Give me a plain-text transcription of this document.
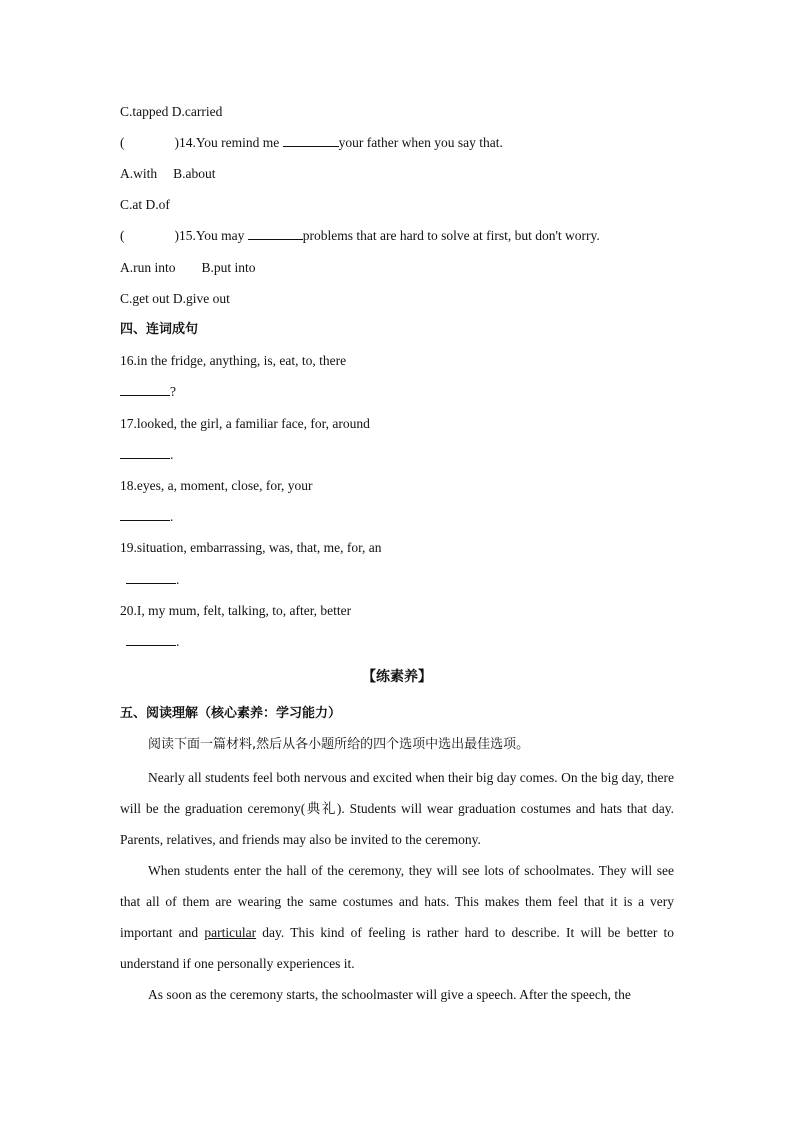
C.tapped D.carried
(	)14.You remind me	your father when you say that.
A.with B.about
C.at D.of
(	)15.You may	problems that are hard to solve at first, but don't worry.
A.run into B.put into
C.get out D.give out
四、连词成句
16.in the fridge, anything, is, eat, to, there
?
17.looked, the girl, a familiar face, for, around
.
18.eyes, a, moment, close, for, your
.
19.situation, embarrassing, was, that, me, for, an
.
20.I, my mum, felt, talking, to, after, better
.
【练素养】
五、阅读理解（核心素养：学习能力）
阅读下面一篇材料,然后从各小题所给的四个选项中选出最佳选项。

Nearly all students feel both nervous and excited when their big day comes. On the big day, there will be the graduation ceremony(典礼). Students will wear graduation costumes and hats that day. Parents, relatives, and friends may also be invited to the ceremony.

When students enter the hall of the ceremony, they will see lots of schoolmates. They will see that all of them are wearing the same costumes and hats. This makes them feel that it is a very important and particular day. This kind of feeling is rather hard to describe. It will be better to understand if one personally experiences it.

As soon as the ceremony starts, the schoolmaster will give a speech. After the speech, the
